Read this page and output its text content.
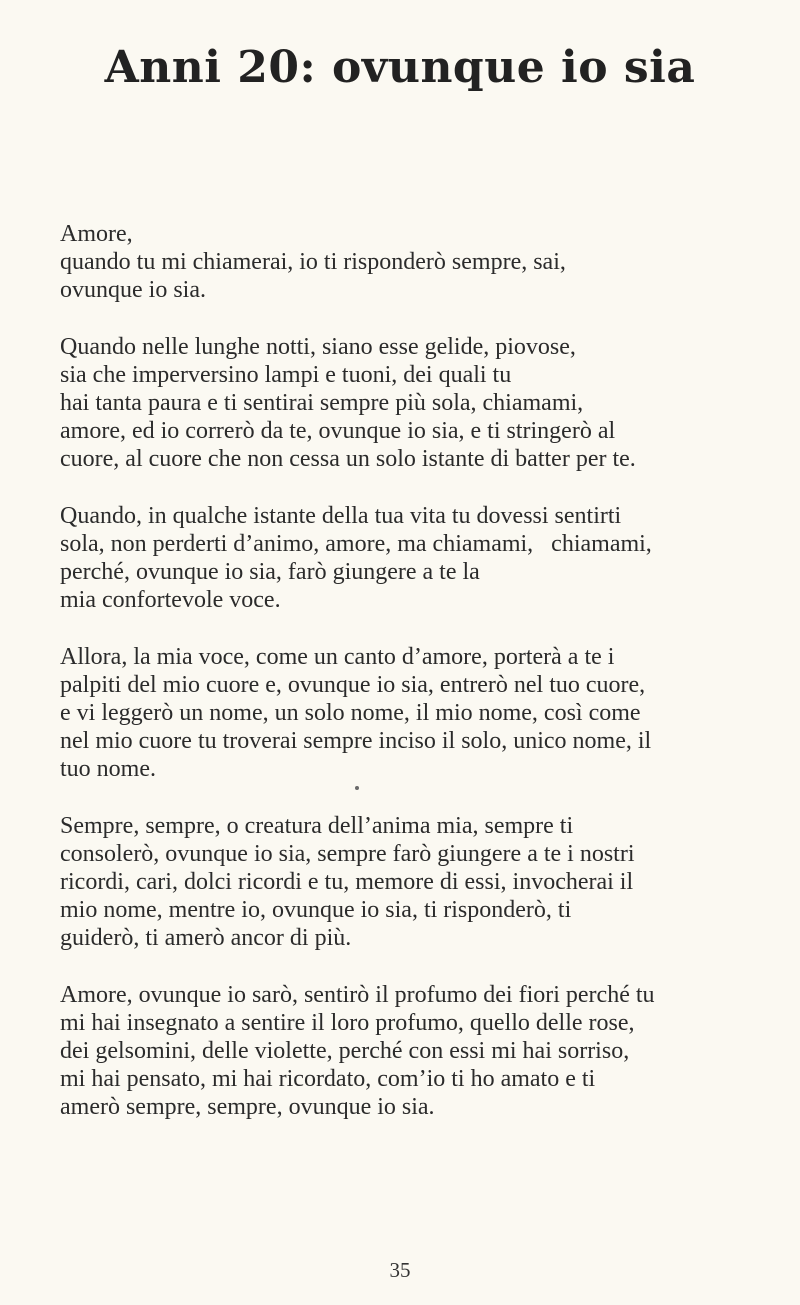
Anni 20: ovunque io sia

Amore,
quando tu mi chiamerai, io ti risponderò sempre, sai,
ovunque io sia.

Quando nelle lunghe notti, siano esse gelide, piovose,
sia che imperversino lampi e tuoni, dei quali tu
hai tanta paura e ti sentirai sempre più sola, chiamami,
amore, ed io correrò da te, ovunque io sia, e ti stringerò al
cuore, al cuore che non cessa un solo istante di batter per te.

Quando, in qualche istante della tua vita tu dovessi sentirti
sola, non perderti d’animo, amore, ma chiamami,   chiamami,
perché, ovunque io sia, farò giungere a te la
mia confortevole voce.

Allora, la mia voce, come un canto d’amore, porterà a te i
palpiti del mio cuore e, ovunque io sia, entrerò nel tuo cuore,
e vi leggerò un nome, un solo nome, il mio nome, così come
nel mio cuore tu troverai sempre inciso il solo, unico nome, il
tuo nome.

Sempre, sempre, o creatura dell’anima mia, sempre ti
consolerò, ovunque io sia, sempre farò giungere a te i nostri
ricordi, cari, dolci ricordi e tu, memore di essi, invocherai il
mio nome, mentre io, ovunque io sia, ti risponderò, ti
guiderò, ti amerò ancor di più.

Amore, ovunque io sarò, sentirò il profumo dei fiori perché tu
mi hai insegnato a sentire il loro profumo, quello delle rose,
dei gelsomini, delle violette, perché con essi mi hai sorriso,
mi hai pensato, mi hai ricordato, com’io ti ho amato e ti
amerò sempre, sempre, ovunque io sia.

35
